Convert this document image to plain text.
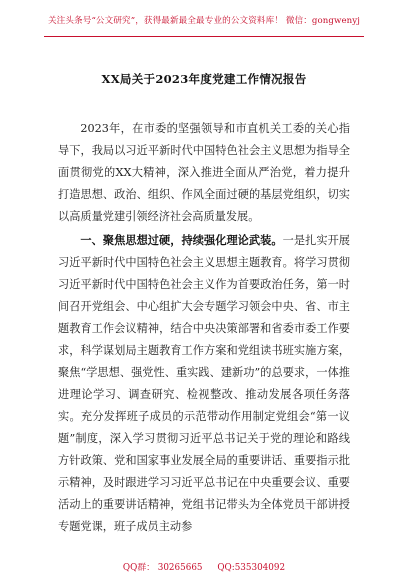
关注头条号“公文研究”，获得最新最全最专业的公文资料库！ 微信：gongwenyj
XX局关于2023年度党建工作情况报告

2023年，在市委的坚强领导和市直机关工委的关心指导下，我局以习近平新时代中国特色社会主义思想为指导全面贯彻党的XX大精神，深入推进全面从严治党，着力提升打造思想、政治、组织、作风全面过硬的基层党组织，切实以高质量党建引领经济社会高质量发展。

一、聚焦思想过硬，持续强化理论武装。一是扎实开展习近平新时代中国特色社会主义思想主题教育。将学习贯彻习近平新时代中国特色社会主义作为首要政治任务，第一时间召开党组会、中心组扩大会专题学习领会中央、省、市主题教育工作会议精神，结合中央决策部署和省委市委工作要求，科学谋划局主题教育工作方案和党组读书班实施方案，聚焦“学思想、强党性、重实践、建新功”的总要求，一体推进理论学习、调查研究、检视整改、推动发展各项任务落实。充分发挥班子成员的示范带动作用制定党组会“第一议题”制度，深入学习贯彻习近平总书记关于党的理论和路线方针政策、党和国家事业发展全局的重要讲话、重要指示批示精神，及时跟进学习习近平总书记在中央重要会议、重要活动上的重要讲话精神，党组书记带头为全体党员干部讲授专题党课，班子成员主动参

QQ群： 30265665 QQ:535304092
